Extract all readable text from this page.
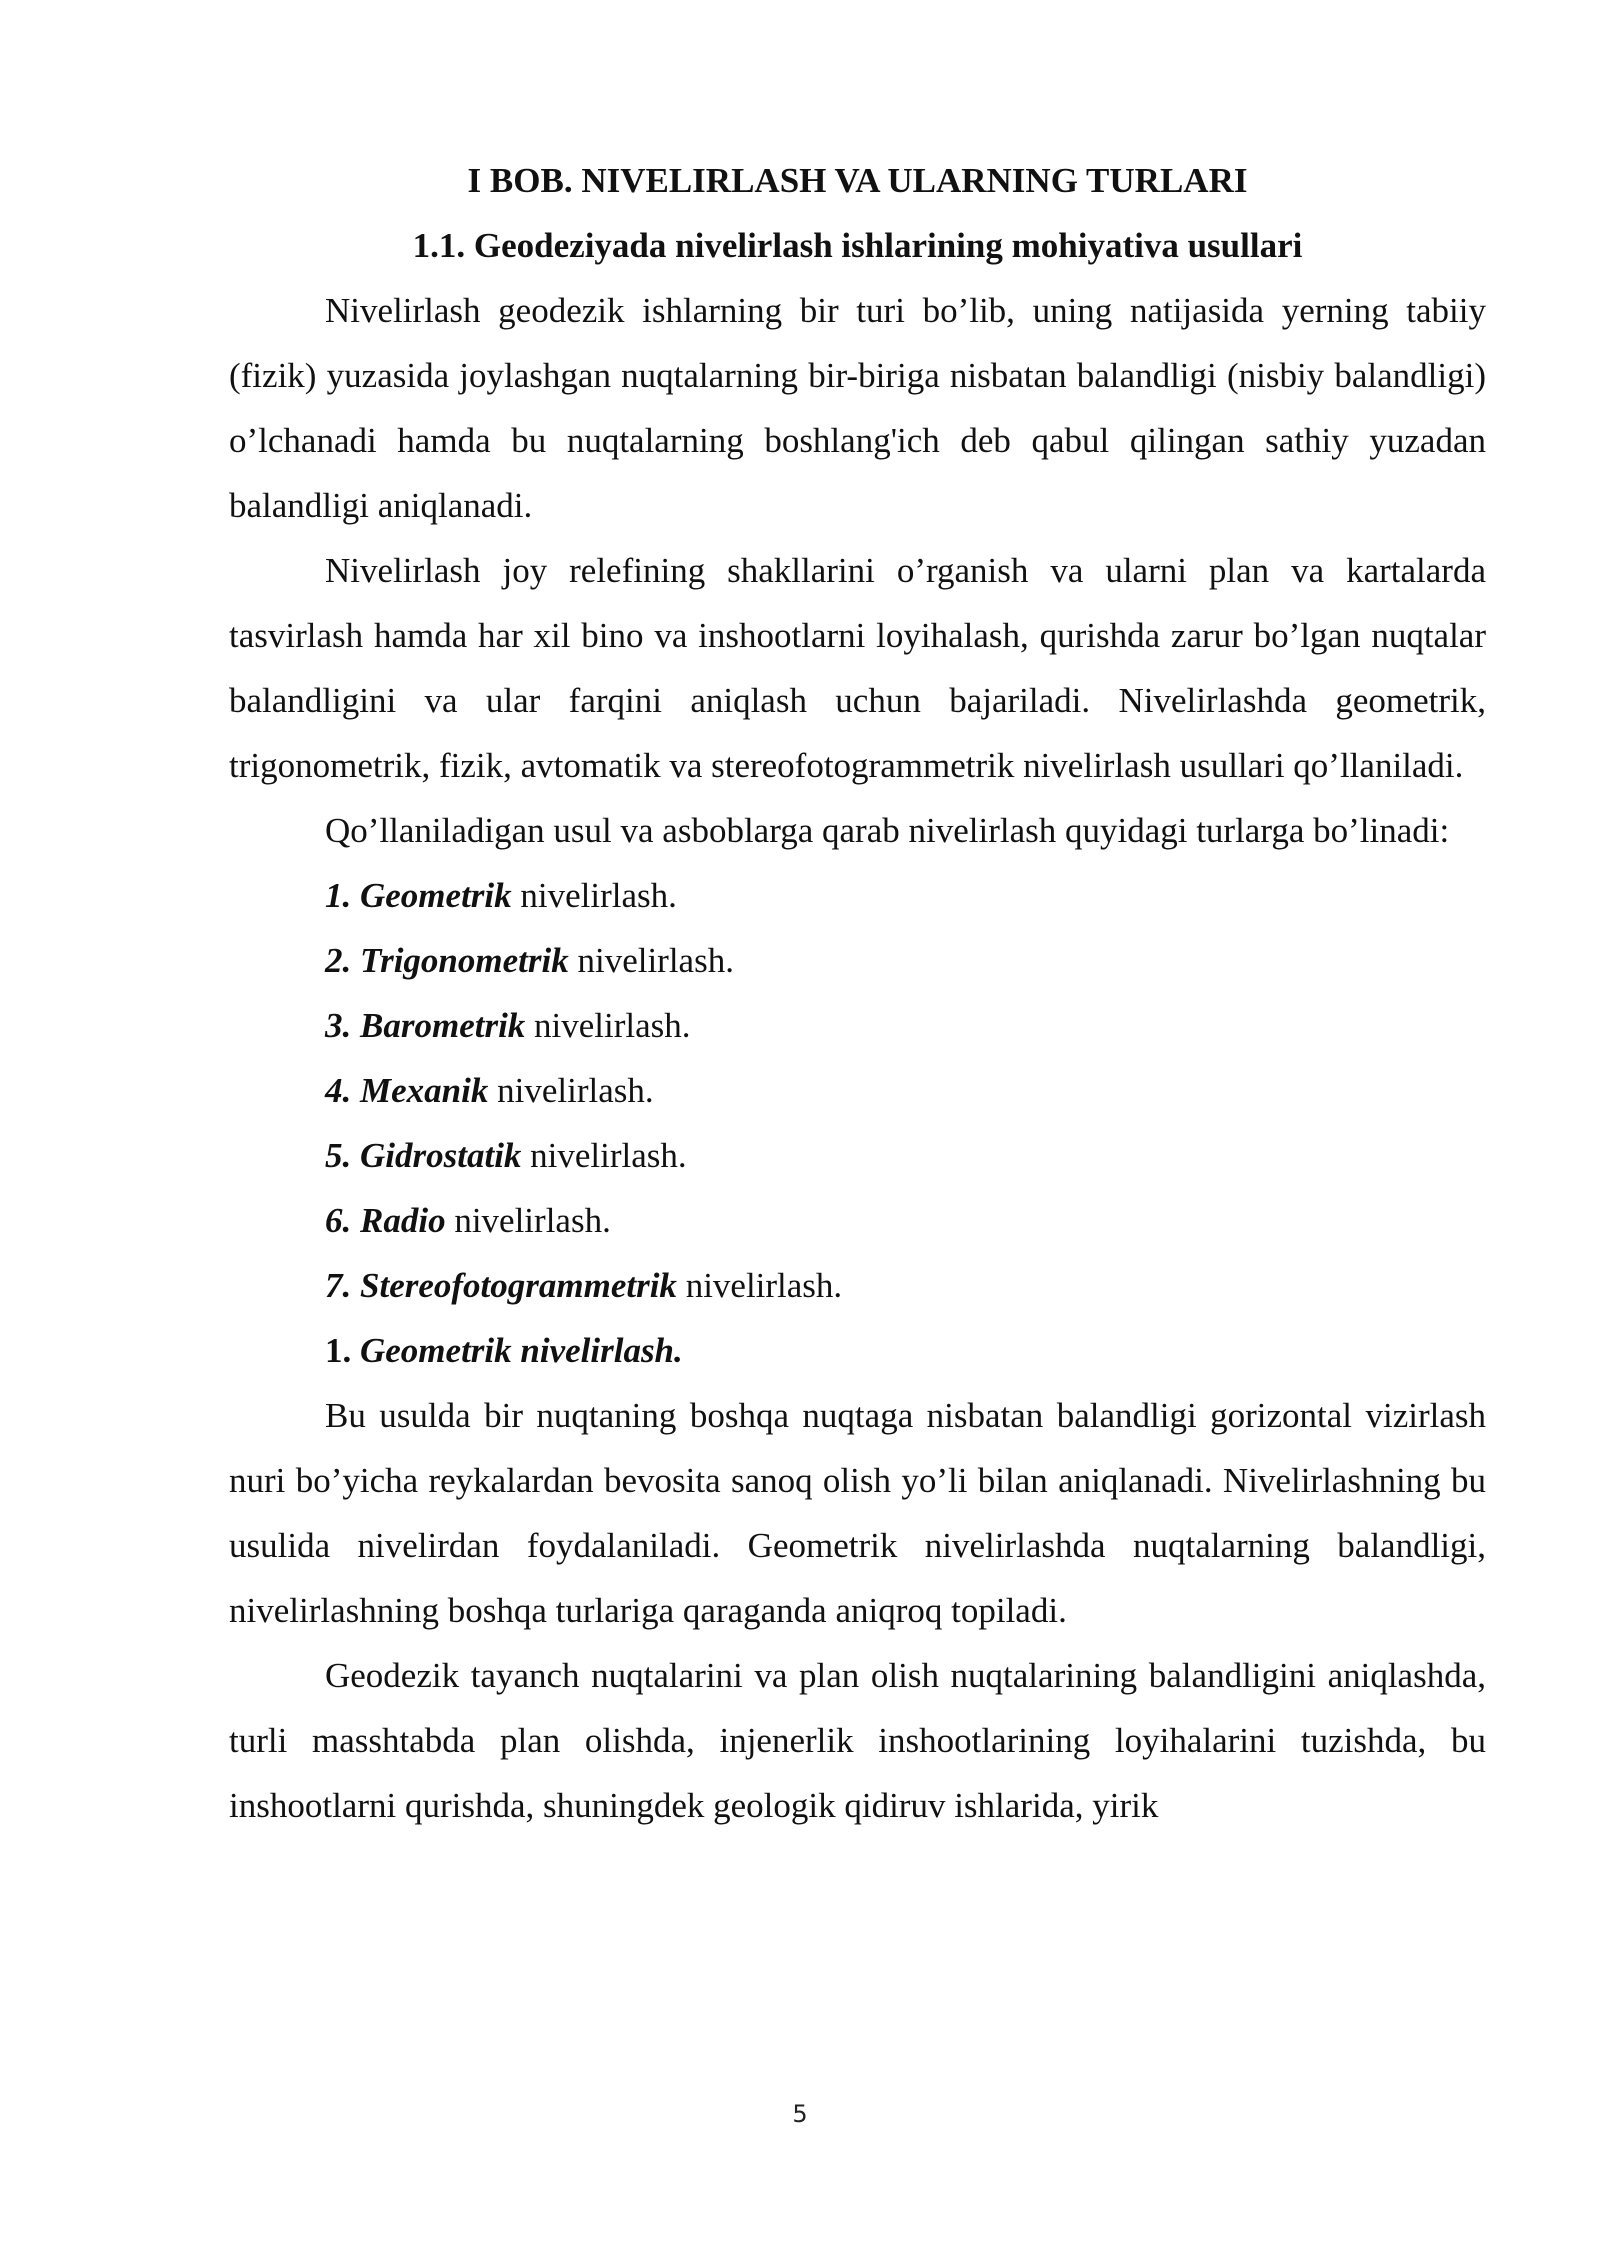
I BOB. NIVELIRLASH VA ULARNING TURLARI

1.1. Geodeziyada nivelirlash ishlarining mohiyativa usullari

Nivelirlash geodezik ishlarning bir turi bo’lib, uning natijasida yerning tabiiy (fizik) yuzasida joylashgan nuqtalarning bir-biriga nisbatan balandligi (nisbiy balandligi) o’lchanadi hamda bu nuqtalarning boshlang'ich deb qabul qilingan sathiy yuzadan balandligi aniqlanadi.

Nivelirlash joy relefining shakllarini o’rganish va ularni plan va kartalarda tasvirlash hamda har xil bino va inshootlarni loyihalash, qurishda zarur bo’lgan nuqtalar balandligini va ular farqini aniqlash uchun bajariladi. Nivelirlashda geometrik, trigonometrik, fizik, avtomatik va stereofotogrammetrik nivelirlash usullari qo’llaniladi.

Qo’llaniladigan usul va asboblarga qarab nivelirlash quyidagi turlarga bo’linadi:

1. Geometrik nivelirlash.

2. Trigonometrik nivelirlash.

3. Barometrik nivelirlash.

4. Mexanik nivelirlash.

5. Gidrostatik nivelirlash.

6. Radio nivelirlash.

7. Stereofotogrammetrik nivelirlash.

1. Geometrik nivelirlash.

Bu usulda bir nuqtaning boshqa nuqtaga nisbatan balandligi gorizontal vizirlash nuri bo’yicha reykalardan bevosita sanoq olish yo’li bilan aniqlanadi. Nivelirlashning bu usulida nivelirdan foydalaniladi. Geometrik nivelirlashda nuqtalarning balandligi, nivelirlashning boshqa turlariga qaraganda aniqroq topiladi.

Geodezik tayanch nuqtalarini va plan olish nuqtalarining balandligini aniqlashda, turli masshtabda plan olishda, injenerlik inshootlarining loyihalarini tuzishda, bu inshootlarni qurishda, shuningdek geologik qidiruv ishlarida, yirik

5
